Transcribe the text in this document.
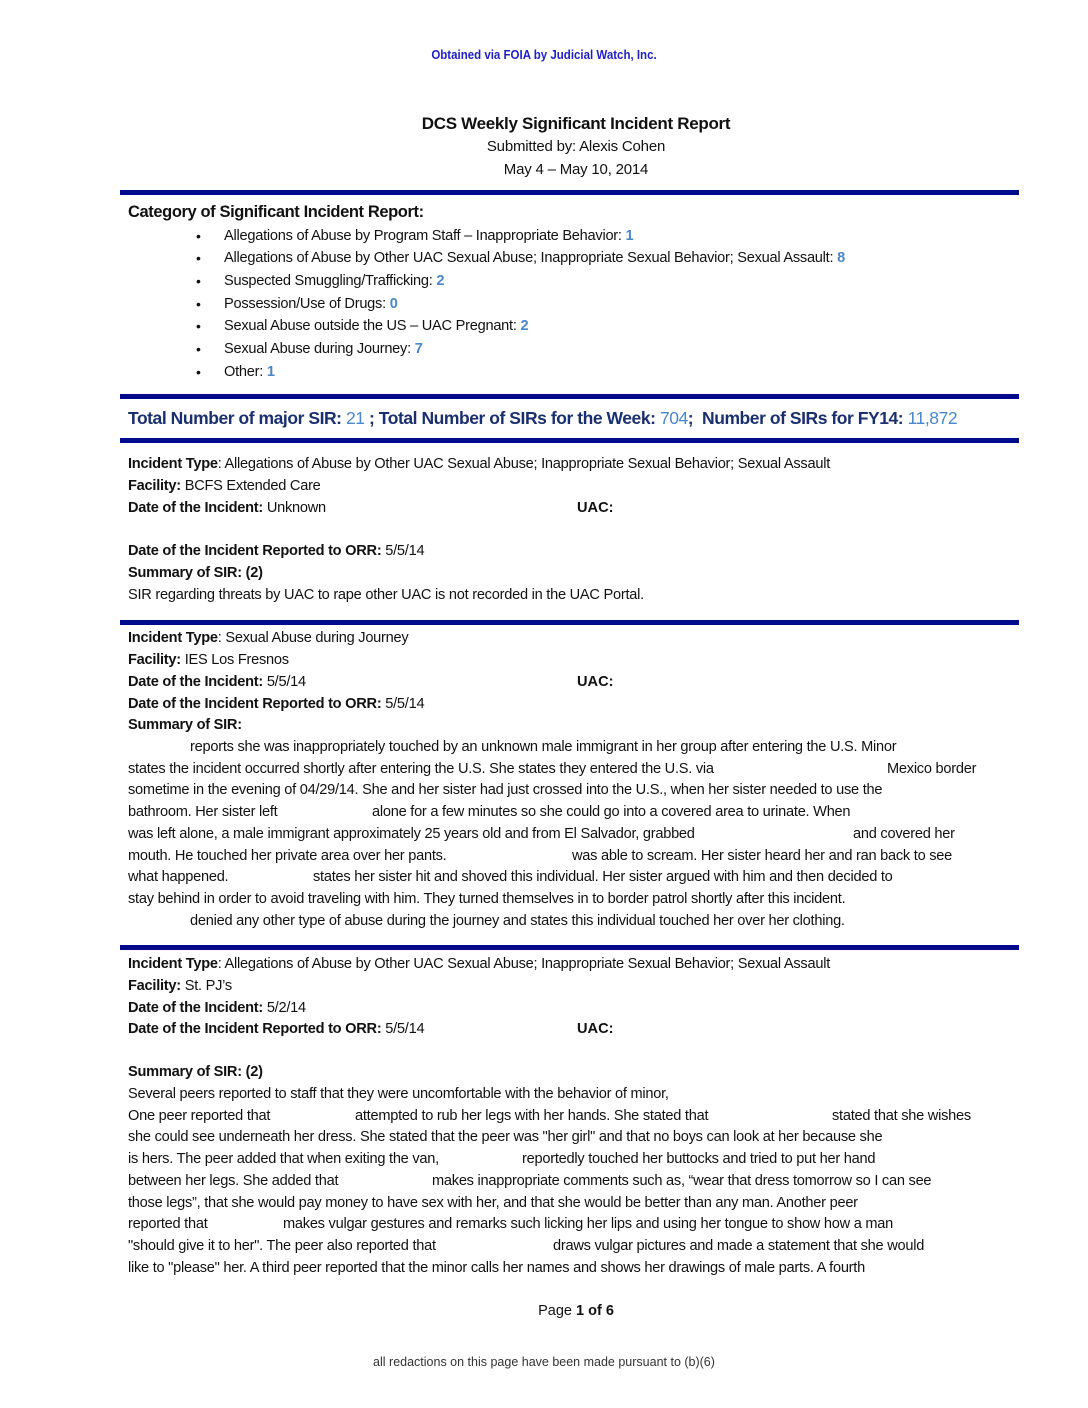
Obtained via FOIA by Judicial Watch, Inc.
DCS Weekly Significant Incident Report
Submitted by: Alexis Cohen
May 4 – May 10, 2014
Category of Significant Incident Report:
• Allegations of Abuse by Program Staff – Inappropriate Behavior: 1
• Allegations of Abuse by Other UAC Sexual Abuse; Inappropriate Sexual Behavior; Sexual Assault: 8
• Suspected Smuggling/Trafficking: 2
• Possession/Use of Drugs: 0
• Sexual Abuse outside the US – UAC Pregnant: 2
• Sexual Abuse during Journey: 7
• Other: 1
Total Number of major SIR: 21 ; Total Number of SIRs for the Week: 704; Number of SIRs for FY14: 11,872
Incident Type: Allegations of Abuse by Other UAC Sexual Abuse; Inappropriate Sexual Behavior; Sexual Assault
Facility: BCFS Extended Care
Date of the Incident: Unknown
Date of the Incident Reported to ORR: 5/5/14
Summary of SIR: (2)
UAC:
SIR regarding threats by UAC to rape other UAC is not recorded in the UAC Portal.
Incident Type: Sexual Abuse during Journey
Facility: IES Los Fresnos
Date of the Incident: 5/5/14
Date of the Incident Reported to ORR: 5/5/14
Summary of SIR:
UAC:
reports she was inappropriately touched by an unknown male immigrant in her group after entering the U.S. Minor
states the incident occurred shortly after entering the U.S. She states they entered the U.S. via	Mexico border
sometime in the evening of 04/29/14. She and her sister had just crossed into the U.S., when her sister needed to use the
bathroom. Her sister left	alone for a few minutes so she could go into a covered area to urinate. When
was left alone, a male immigrant approximately 25 years old and from El Salvador, grabbed	and covered her
mouth. He touched her private area over her pants.	was able to scream. Her sister heard her and ran back to see
what happened.	states her sister hit and shoved this individual. Her sister argued with him and then decided to
stay behind in order to avoid traveling with him. They turned themselves in to border patrol shortly after this incident.
denied any other type of abuse during the journey and states this individual touched her over her clothing.
Incident Type: Allegations of Abuse by Other UAC Sexual Abuse; Inappropriate Sexual Behavior; Sexual Assault
Facility: St. PJ’s
Date of the Incident: 5/2/14
Date of the Incident Reported to ORR: 5/5/14
Summary of SIR: (2)
UAC:
Several peers reported to staff that they were uncomfortable with the behavior of minor,
One peer reported that	attempted to rub her legs with her hands. She stated that	stated that she wishes
she could see underneath her dress. She stated that the peer was "her girl" and that no boys can look at her because she
is hers. The peer added that when exiting the van,	reportedly touched her buttocks and tried to put her hand
between her legs. She added that	makes inappropriate comments such as, “wear that dress tomorrow so I can see
those legs”, that she would pay money to have sex with her, and that she would be better than any man. Another peer
reported that	makes vulgar gestures and remarks such licking her lips and using her tongue to show how a man
"should give it to her". The peer also reported that	draws vulgar pictures and made a statement that she would
like to "please" her. A third peer reported that the minor calls her names and shows her drawings of male parts. A fourth
Page 1 of 6
all redactions on this page have been made pursuant to (b)(6)
